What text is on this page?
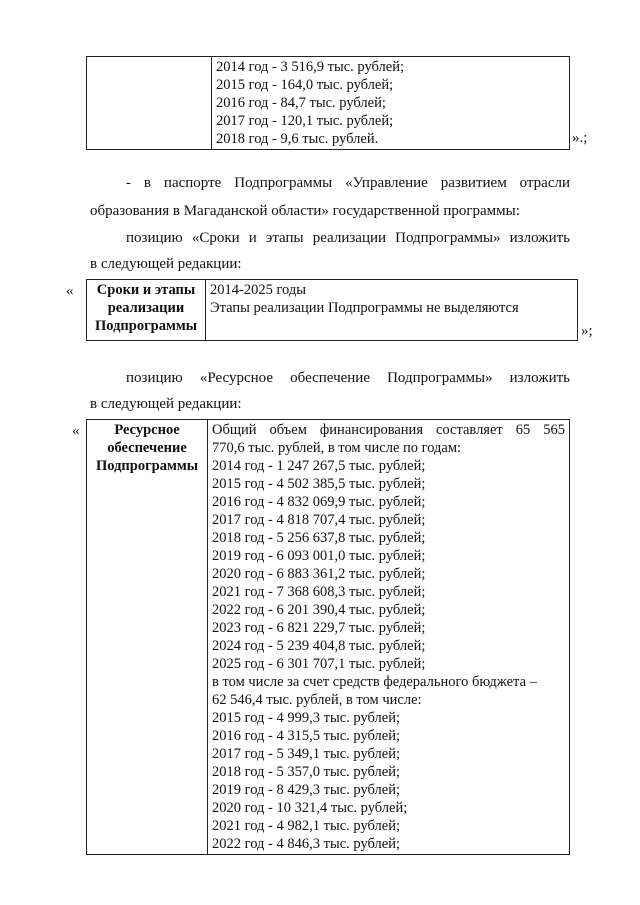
2014 год - 3 516,9 тыс. рублей;
2015 год - 164,0 тыс. рублей;
2016 год - 84,7 тыс. рублей;
2017 год - 120,1 тыс. рублей;
2018 год - 9,6 тыс. рублей.	».;
- в паспорте Подпрограммы «Управление развитием отрасли
образования в Магаданской области» государственной программы:
позицию «Сроки и этапы реализации Подпрограммы» изложить
в следующей редакции:
«	Сроки и этапы
реализации
Подпрограммы

2014-2025 годы
Этапы реализации Подпрограммы не выделяются
»;
позицию «Ресурсное обеспечение Подпрограммы» изложить
в следующей редакции:
«	Ресурсное
обеспечение
Подпрограммы

Общий объем финансирования составляет 65 565
770,6 тыс. рублей, в том числе по годам:
2014 год - 1 247 267,5 тыс. рублей;
2015 год - 4 502 385,5 тыс. рублей;
2016 год - 4 832 069,9 тыс. рублей;
2017 год - 4 818 707,4 тыс. рублей;
2018 год - 5 256 637,8 тыс. рублей;
2019 год - 6 093 001,0 тыс. рублей;
2020 год - 6 883 361,2 тыс. рублей;
2021 год - 7 368 608,3 тыс. рублей;
2022 год - 6 201 390,4 тыс. рублей;
2023 год - 6 821 229,7 тыс. рублей;
2024 год - 5 239 404,8 тыс. рублей;
2025 год - 6 301 707,1 тыс. рублей;
в том числе за счет средств федерального бюджета –
62 546,4 тыс. рублей, в том числе:
2015 год - 4 999,3 тыс. рублей;
2016 год - 4 315,5 тыс. рублей;
2017 год - 5 349,1 тыс. рублей;
2018 год - 5 357,0 тыс. рублей;
2019 год - 8 429,3 тыс. рублей;
2020 год - 10 321,4 тыс. рублей;
2021 год - 4 982,1 тыс. рублей;
2022 год - 4 846,3 тыс. рублей;
